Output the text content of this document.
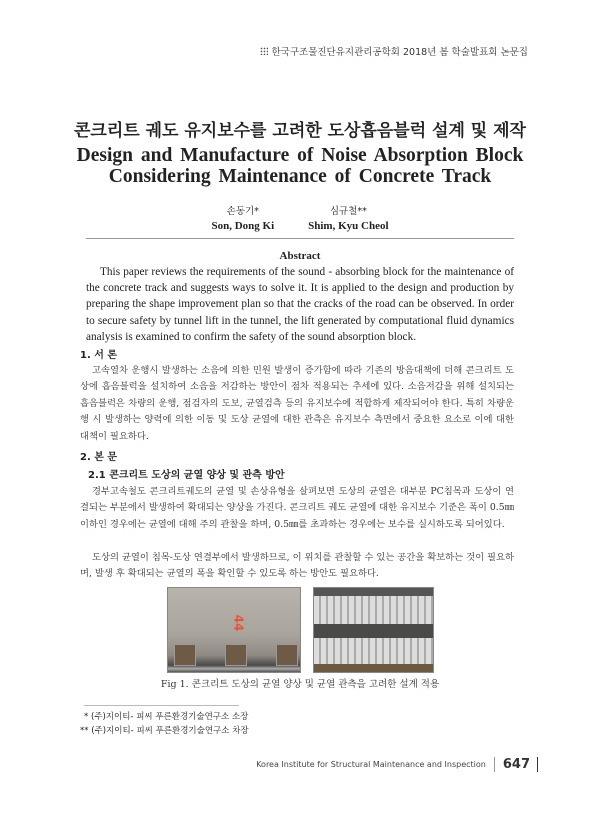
한국구조물진단유지관리공학회 2018년 봄 학술발표회 논문집
콘크리트 궤도 유지보수를 고려한 도상흡음블럭 설계 및 제작
Design and Manufacture of Noise Absorption Block
Considering Maintenance of Concrete Track
손동기*
Son, Dong Ki
심규철**
Shim, Kyu Cheol
Abstract
This paper reviews the requirements of the sound - absorbing block for the maintenance of the concrete track and suggests ways to solve it. It is applied to the design and production by preparing the shape improvement plan so that the cracks of the road can be observed. In order to secure safety by tunnel lift in the tunnel, the lift generated by computational fluid dynamics analysis is examined to confirm the safety of the sound absorption block.
1. 서 론
고속열차 운행시 발생하는 소음에 의한 민원 발생이 증가함에 따라 기존의 방음대책에 더해 콘크리트 도상에 흡음블럭을 설치하여 소음을 저감하는 방안이 점차 적용되는 추세에 있다. 소음저감을 위해 설치되는 흡음블럭은 차량의 운행, 점검자의 도보, 균열검측 등의 유지보수에 적합하게 제작되어야 한다. 특히 차량운행 시 발생하는 양력에 의한 이동 및 도상 균열에 대한 관측은 유지보수 측면에서 중요한 요소로 이에 대한 대책이 필요하다.
2. 본 문
2.1 콘크리트 도상의 균열 양상 및 관측 방안
경부고속철도 콘크리트궤도의 균열 및 손상유형을 살펴보면 도상의 균열은 대부분 PC침목과 도상이 연결되는 부분에서 발생하여 확대되는 양상을 가진다. 콘크리트 궤도 균열에 대한 유지보수 기준은 폭이 0.5㎜이하인 경우에는 균열에 대해 주의 관찰을 하며, 0.5㎜를 초과하는 경우에는 보수를 실시하도록 되어있다.
도상의 균열이 침목-도상 연결부에서 발생하므로, 이 위치를 관찰할 수 있는 공간을 확보하는 것이 필요하며, 발생 후 확대되는 균열의 폭을 확인할 수 있도록 하는 방안도 필요하다.
44
Fig 1. 콘크리트 도상의 균열 양상 및 균열 관측을 고려한 설계 적용
* (주)지이티- 피씨 푸른환경기술연구소 소장
** (주)지이티- 피씨 푸른환경기술연구소 차장
Korea Institute for Structural Maintenance and Inspection	647
